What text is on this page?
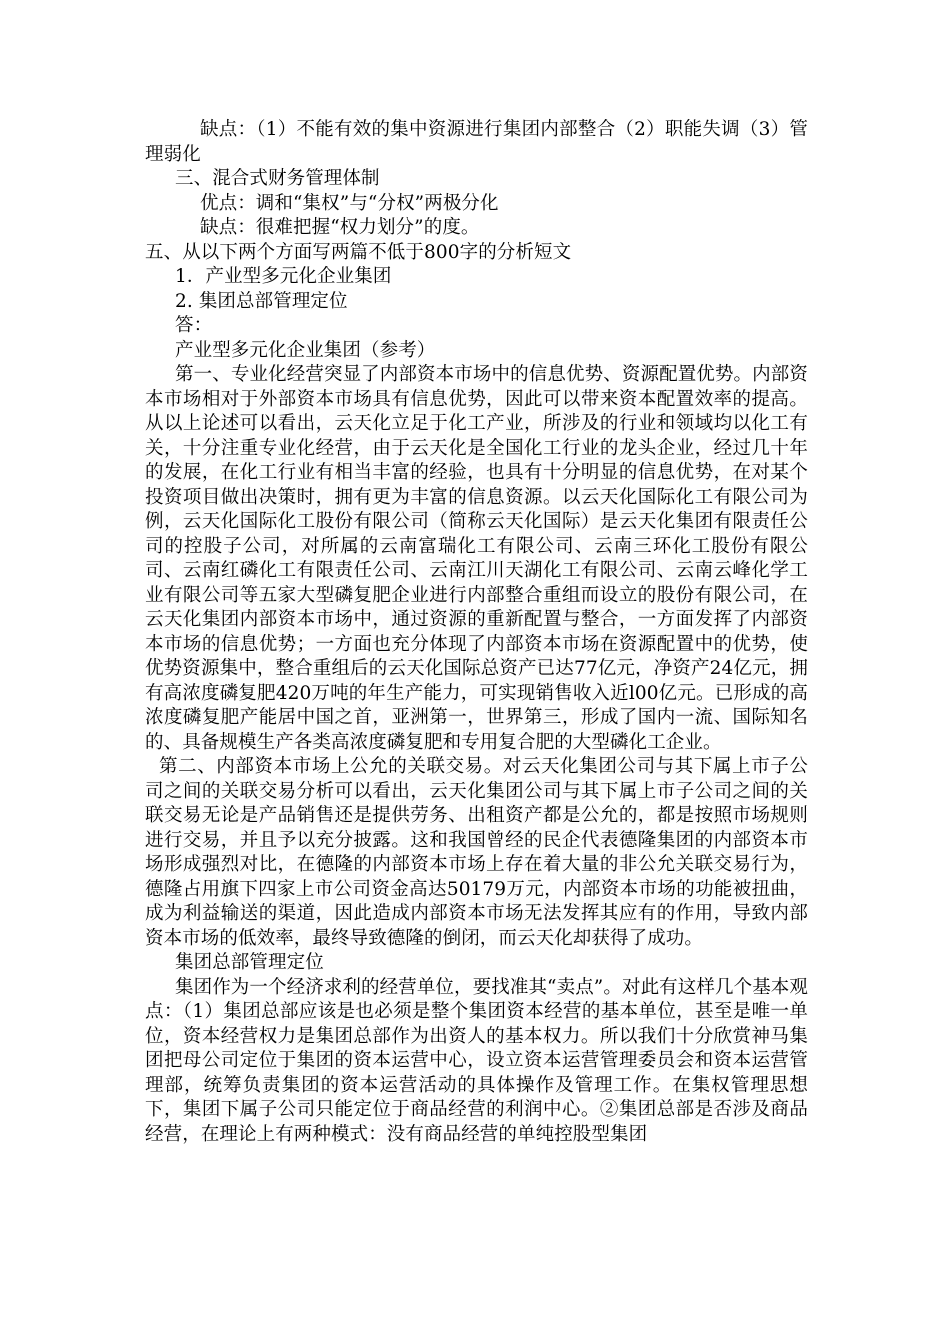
缺点：（1）不能有效的集中资源进行集团内部整合（2）职能失调（3）管理弱化

三、混合式财务管理体制

优点：调和“集权”与“分权”两极分化

缺点：很难把握“权力划分”的度。

五、从以下两个方面写两篇不低于800字的分析短文

1．产业型多元化企业集团

2. 集团总部管理定位

答：

产业型多元化企业集团（参考）

第一、专业化经营突显了内部资本市场中的信息优势、资源配置优势。内部资本市场相对于外部资本市场具有信息优势，因此可以带来资本配置效率的提高。从以上论述可以看出，云天化立足于化工产业，所涉及的行业和领域均以化工有关，十分注重专业化经营，由于云天化是全国化工行业的龙头企业，经过几十年的发展，在化工行业有相当丰富的经验，也具有十分明显的信息优势，在对某个投资项目做出决策时，拥有更为丰富的信息资源。以云天化国际化工有限公司为例，云天化国际化工股份有限公司（简称云天化国际）是云天化集团有限责任公司的控股子公司，对所属的云南富瑞化工有限公司、云南三环化工股份有限公司、云南红磷化工有限责任公司、云南江川天湖化工有限公司、云南云峰化学工业有限公司等五家大型磷复肥企业进行内部整合重组而设立的股份有限公司，在云天化集团内部资本市场中，通过资源的重新配置与整合，一方面发挥了内部资本市场的信息优势；一方面也充分体现了内部资本市场在资源配置中的优势，使优势资源集中，整合重组后的云天化国际总资产已达77亿元，净资产24亿元，拥有高浓度磷复肥420万吨的年生产能力，可实现销售收入近l00亿元。已形成的高浓度磷复肥产能居中国之首，亚洲第一，世界第三，形成了国内一流、国际知名的、具备规模生产各类高浓度磷复肥和专用复合肥的大型磷化工企业。

第二、内部资本市场上公允的关联交易。对云天化集团公司与其下属上市子公司之间的关联交易分析可以看出，云天化集团公司与其下属上市子公司之间的关联交易无论是产品销售还是提供劳务、出租资产都是公允的，都是按照市场规则进行交易，并且予以充分披露。这和我国曾经的民企代表德隆集团的内部资本市场形成强烈对比，在德隆的内部资本市场上存在着大量的非公允关联交易行为，德隆占用旗下四家上市公司资金高达50179万元，内部资本市场的功能被扭曲，成为利益输送的渠道，因此造成内部资本市场无法发挥其应有的作用，导致内部资本市场的低效率，最终导致德隆的倒闭，而云天化却获得了成功。

集团总部管理定位

集团作为一个经济求利的经营单位，要找准其“卖点”。对此有这样几个基本观点：（1）集团总部应该是也必须是整个集团资本经营的基本单位，甚至是唯一单位，资本经营权力是集团总部作为出资人的基本权力。所以我们十分欣赏神马集团把母公司定位于集团的资本运营中心，设立资本运营管理委员会和资本运营管理部，统筹负责集团的资本运营活动的具体操作及管理工作。在集权管理思想下，集团下属子公司只能定位于商品经营的利润中心。②集团总部是否涉及商品经营，在理论上有两种模式：没有商品经营的单纯控股型集团
